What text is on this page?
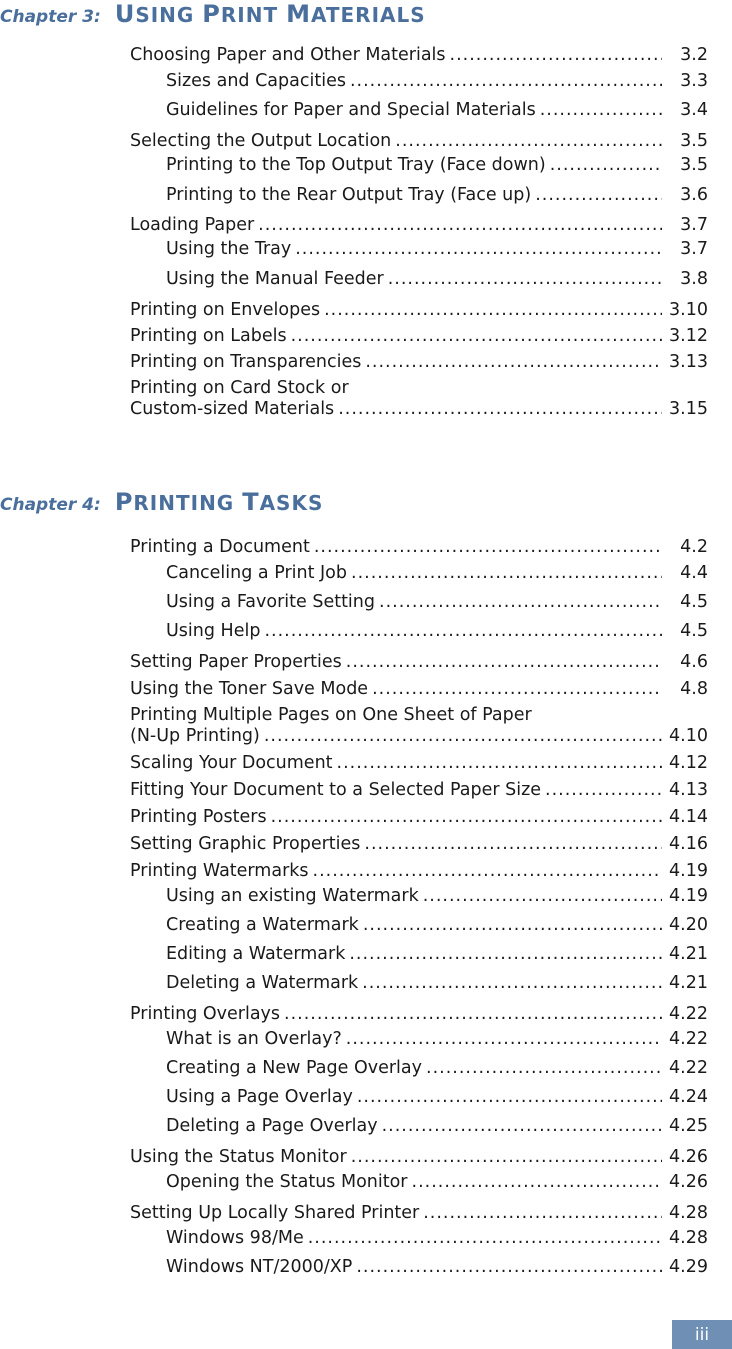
Chapter 3: USING PRINT MATERIALS
Choosing Paper and Other Materials .....	3.2
Sizes and Capacities .....	3.3
Guidelines for Paper and Special Materials .....	3.4
Selecting the Output Location .....	3.5
Printing to the Top Output Tray (Face down) .....	3.5
Printing to the Rear Output Tray (Face up) .....	3.6
Loading Paper .....	3.7
Using the Tray .....	3.7
Using the Manual Feeder .....	3.8
Printing on Envelopes .....	3.10
Printing on Labels .....	3.12
Printing on Transparencies .....	3.13
Printing on Card Stock or
Custom-sized Materials .....	3.15
Chapter 4: PRINTING TASKS
Printing a Document .....	4.2
Canceling a Print Job .....	4.4
Using a Favorite Setting .....	4.5
Using Help .....	4.5
Setting Paper Properties .....	4.6
Using the Toner Save Mode .....	4.8
Printing Multiple Pages on One Sheet of Paper
(N-Up Printing) .....	4.10
Scaling Your Document .....	4.12
Fitting Your Document to a Selected Paper Size .....	4.13
Printing Posters .....	4.14
Setting Graphic Properties .....	4.16
Printing Watermarks .....	4.19
Using an existing Watermark .....	4.19
Creating a Watermark .....	4.20
Editing a Watermark .....	4.21
Deleting a Watermark .....	4.21
Printing Overlays .....	4.22
What is an Overlay? .....	4.22
Creating a New Page Overlay .....	4.22
Using a Page Overlay .....	4.24
Deleting a Page Overlay .....	4.25
Using the Status Monitor .....	4.26
Opening the Status Monitor .....	4.26
Setting Up Locally Shared Printer .....	4.28
Windows 98/Me .....	4.28
Windows NT/2000/XP .....	4.29
iii
